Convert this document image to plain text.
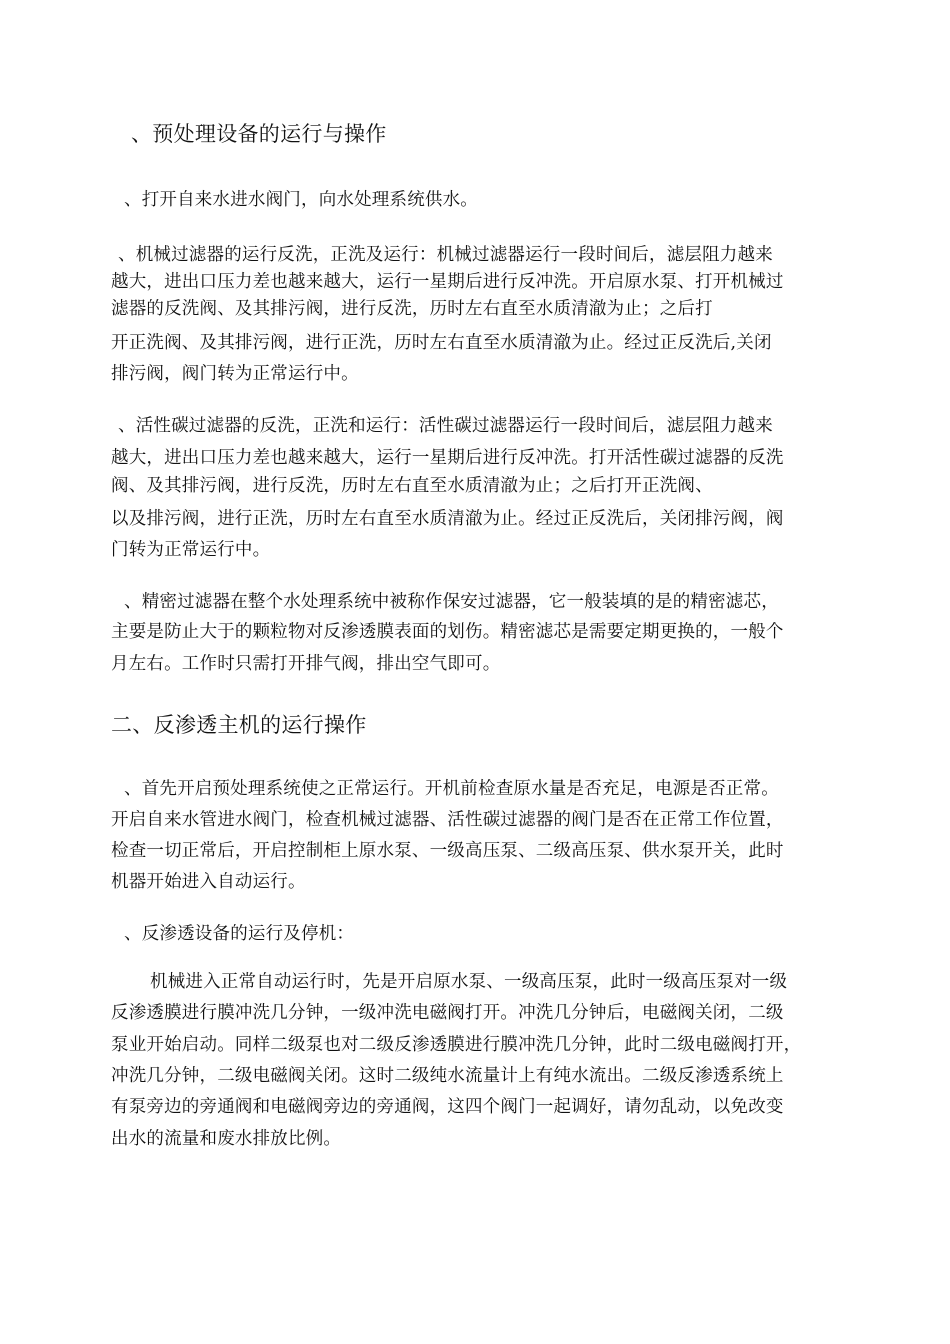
、预处理设备的运行与操作
、打开自来水进水阀门，向水处理系统供水。
、机械过滤器的运行反洗，正洗及运行：机械过滤器运行一段时间后，滤层阻力越来
越大，进出口压力差也越来越大，运行一星期后进行反冲洗。开启原水泵、打开机械过
滤器的反洗阀、及其排污阀，进行反洗，历时左右直至水质清澈为止；之后打
开正洗阀、及其排污阀，进行正洗，历时左右直至水质清澈为止。经过正反洗后,关闭
排污阀，阀门转为正常运行中。
、活性碳过滤器的反洗，正洗和运行：活性碳过滤器运行一段时间后，滤层阻力越来
越大，进出口压力差也越来越大，运行一星期后进行反冲洗。打开活性碳过滤器的反洗
阀、及其排污阀，进行反洗，历时左右直至水质清澈为止；之后打开正洗阀、
以及排污阀，进行正洗，历时左右直至水质清澈为止。经过正反洗后，关闭排污阀，阀
门转为正常运行中。
、精密过滤器在整个水处理系统中被称作保安过滤器，它一般装填的是的精密滤芯，
主要是防止大于的颗粒物对反渗透膜表面的划伤。精密滤芯是需要定期更换的，一般个
月左右。工作时只需打开排气阀，排出空气即可。
二、反渗透主机的运行操作
、首先开启预处理系统使之正常运行。开机前检查原水量是否充足，电源是否正常。
开启自来水管进水阀门，检查机械过滤器、活性碳过滤器的阀门是否在正常工作位置，
检查一切正常后，开启控制柜上原水泵、一级高压泵、二级高压泵、供水泵开关，此时
机器开始进入自动运行。
、反渗透设备的运行及停机：
机械进入正常自动运行时，先是开启原水泵、一级高压泵，此时一级高压泵对一级
反渗透膜进行膜冲洗几分钟，一级冲洗电磁阀打开。冲洗几分钟后，电磁阀关闭，二级
泵业开始启动。同样二级泵也对二级反渗透膜进行膜冲洗几分钟，此时二级电磁阀打开，
冲洗几分钟，二级电磁阀关闭。这时二级纯水流量计上有纯水流出。二级反渗透系统上
有泵旁边的旁通阀和电磁阀旁边的旁通阀，这四个阀门一起调好，请勿乱动，以免改变
出水的流量和废水排放比例。
